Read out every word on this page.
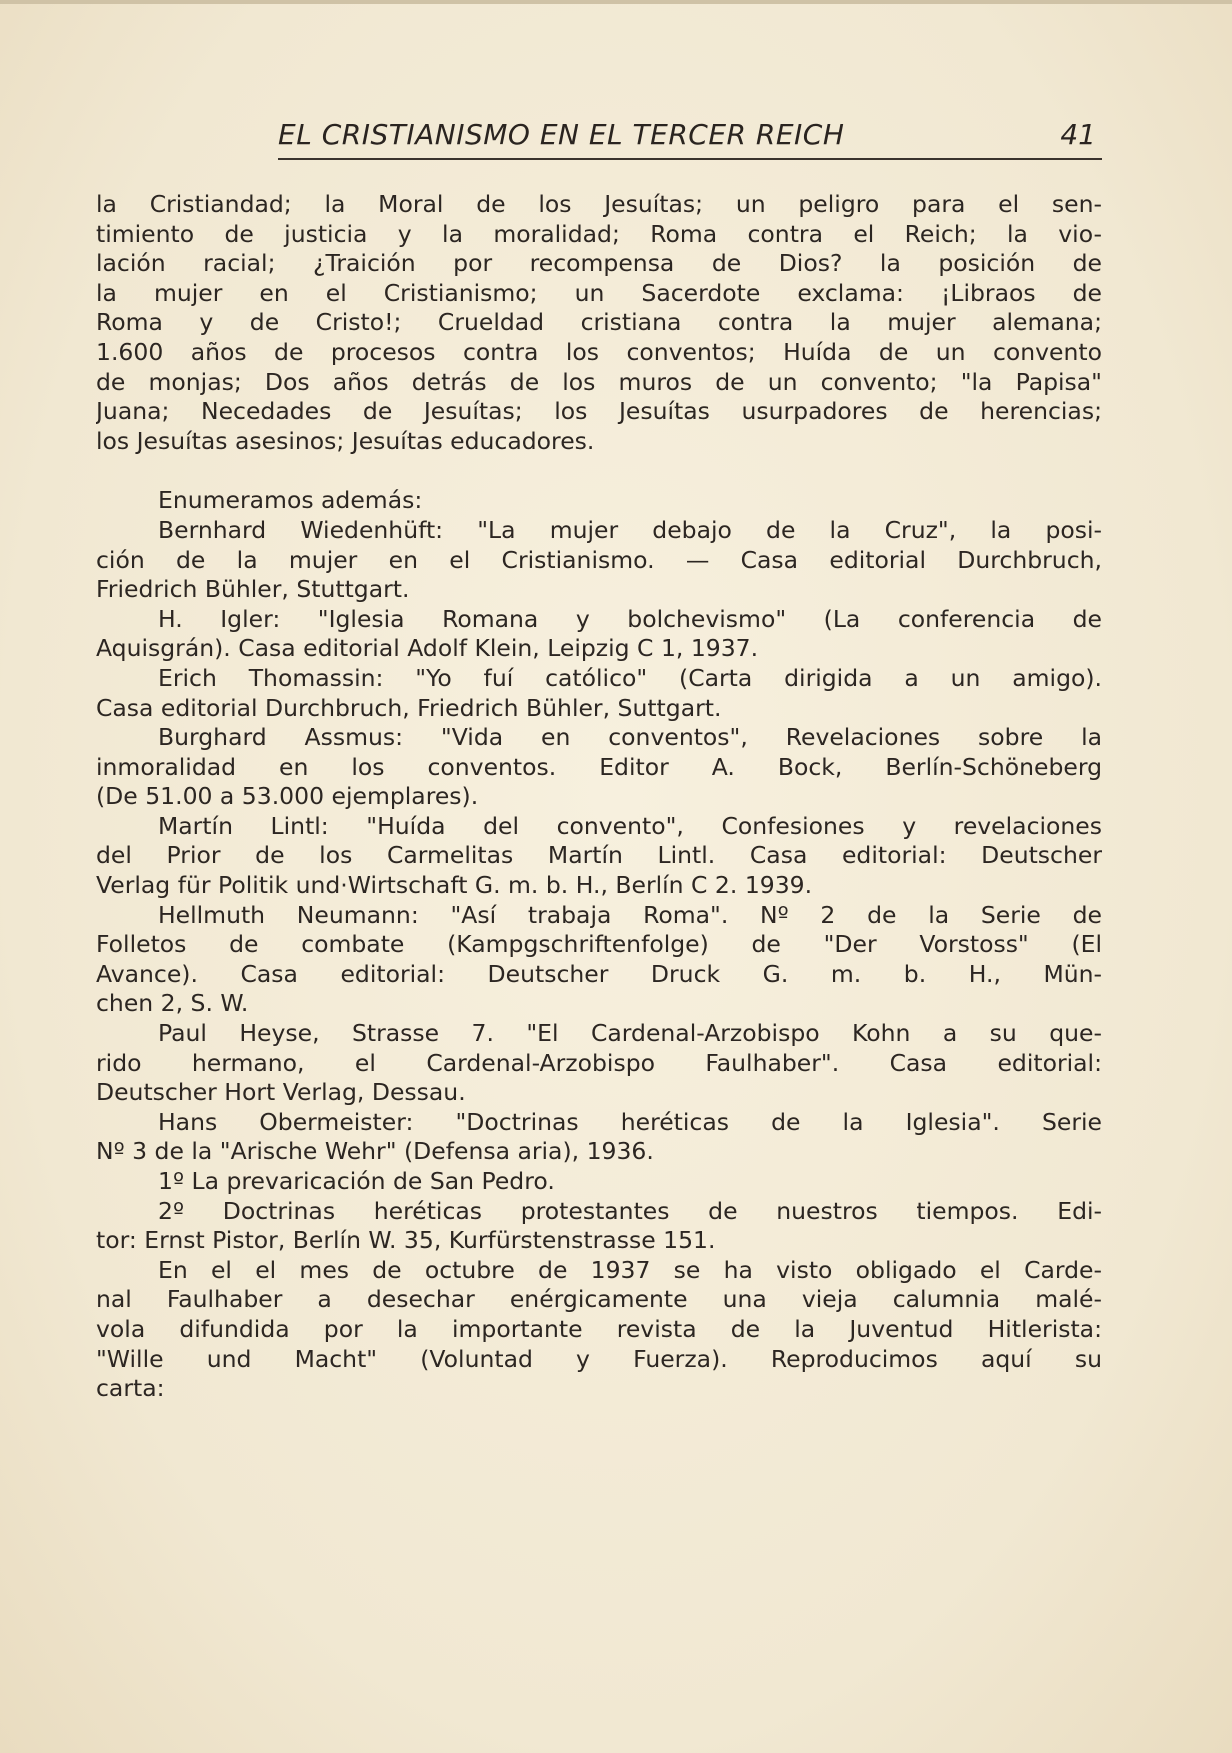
EL CRISTIANISMO EN EL TERCER REICH	41
la Cristiandad; la Moral de los Jesuítas; un peligro para el sen-
timiento de justicia y la moralidad; Roma contra el Reich; la vio-
lación racial; ¿Traición por recompensa de Dios? la posición de
la mujer en el Cristianismo; un Sacerdote exclama: ¡Libraos de
Roma y de Cristo!; Crueldad cristiana contra la mujer alemana;
1.600 años de procesos contra los conventos; Huída de un convento
de monjas; Dos años detrás de los muros de un convento; "la Papisa"
Juana; Necedades de Jesuítas; los Jesuítas usurpadores de herencias;
los Jesuítas asesinos; Jesuítas educadores.
Enumeramos además:
Bernhard Wiedenhüft: "La mujer debajo de la Cruz", la posi-
ción de la mujer en el Cristianismo. — Casa editorial Durchbruch,
Friedrich Bühler, Stuttgart.
H. Igler: "Iglesia Romana y bolchevismo" (La conferencia de
Aquisgrán). Casa editorial Adolf Klein, Leipzig C 1, 1937.
Erich Thomassin: "Yo fuí católico" (Carta dirigida a un amigo).
Casa editorial Durchbruch, Friedrich Bühler, Suttgart.
Burghard Assmus: "Vida en conventos", Revelaciones sobre la
inmoralidad en los conventos. Editor A. Bock, Berlín-Schöneberg
(De 51.00 a 53.000 ejemplares).
Martín Lintl: "Huída del convento", Confesiones y revelaciones
del Prior de los Carmelitas Martín Lintl. Casa editorial: Deutscher
Verlag für Politik und·Wirtschaft G. m. b. H., Berlín C 2. 1939.
Hellmuth Neumann: "Así trabaja Roma". Nº 2 de la Serie de
Folletos de combate (Kampgschriftenfolge) de "Der Vorstoss" (El
Avance). Casa editorial: Deutscher Druck G. m. b. H., Mün-
chen 2, S. W.
Paul Heyse, Strasse 7. "El Cardenal-Arzobispo Kohn a su que-
rido hermano, el Cardenal-Arzobispo Faulhaber". Casa editorial:
Deutscher Hort Verlag, Dessau.
Hans Obermeister: "Doctrinas heréticas de la Iglesia". Serie
Nº 3 de la "Arische Wehr" (Defensa aria), 1936.
1º La prevaricación de San Pedro.
2º Doctrinas heréticas protestantes de nuestros tiempos. Edi-
tor: Ernst Pistor, Berlín W. 35, Kurfürstenstrasse 151.
En el el mes de octubre de 1937 se ha visto obligado el Carde-
nal Faulhaber a desechar enérgicamente una vieja calumnia malé-
vola difundida por la importante revista de la Juventud Hitlerista:
"Wille und Macht" (Voluntad y Fuerza). Reproducimos aquí su
carta:
